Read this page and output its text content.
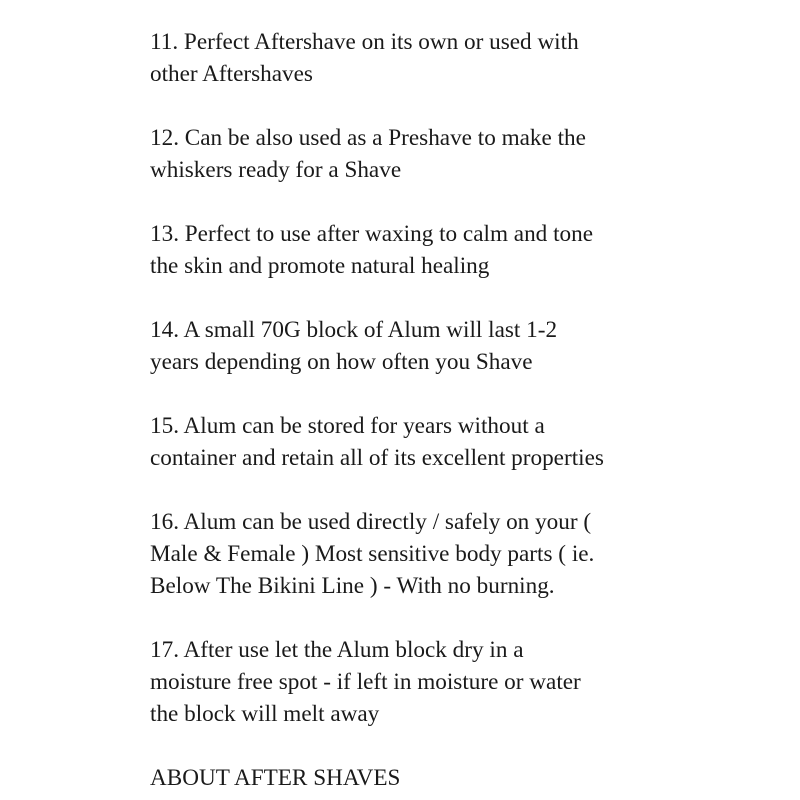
11. Perfect Aftershave on its own or used with
other Aftershaves

12. Can be also used as a Preshave to make the
whiskers ready for a Shave

13. Perfect to use after waxing to calm and tone
the skin and promote natural healing

14. A small 70G block of Alum will last 1-2
years depending on how often you Shave

15. Alum can be stored for years without a
container and retain all of its excellent properties

16. Alum can be used directly / safely on your (
Male & Female ) Most sensitive body parts ( ie.
Below The Bikini Line ) - With no burning.

17. After use let the Alum block dry in a
moisture free spot - if left in moisture or water
the block will melt away

ABOUT AFTER SHAVES
